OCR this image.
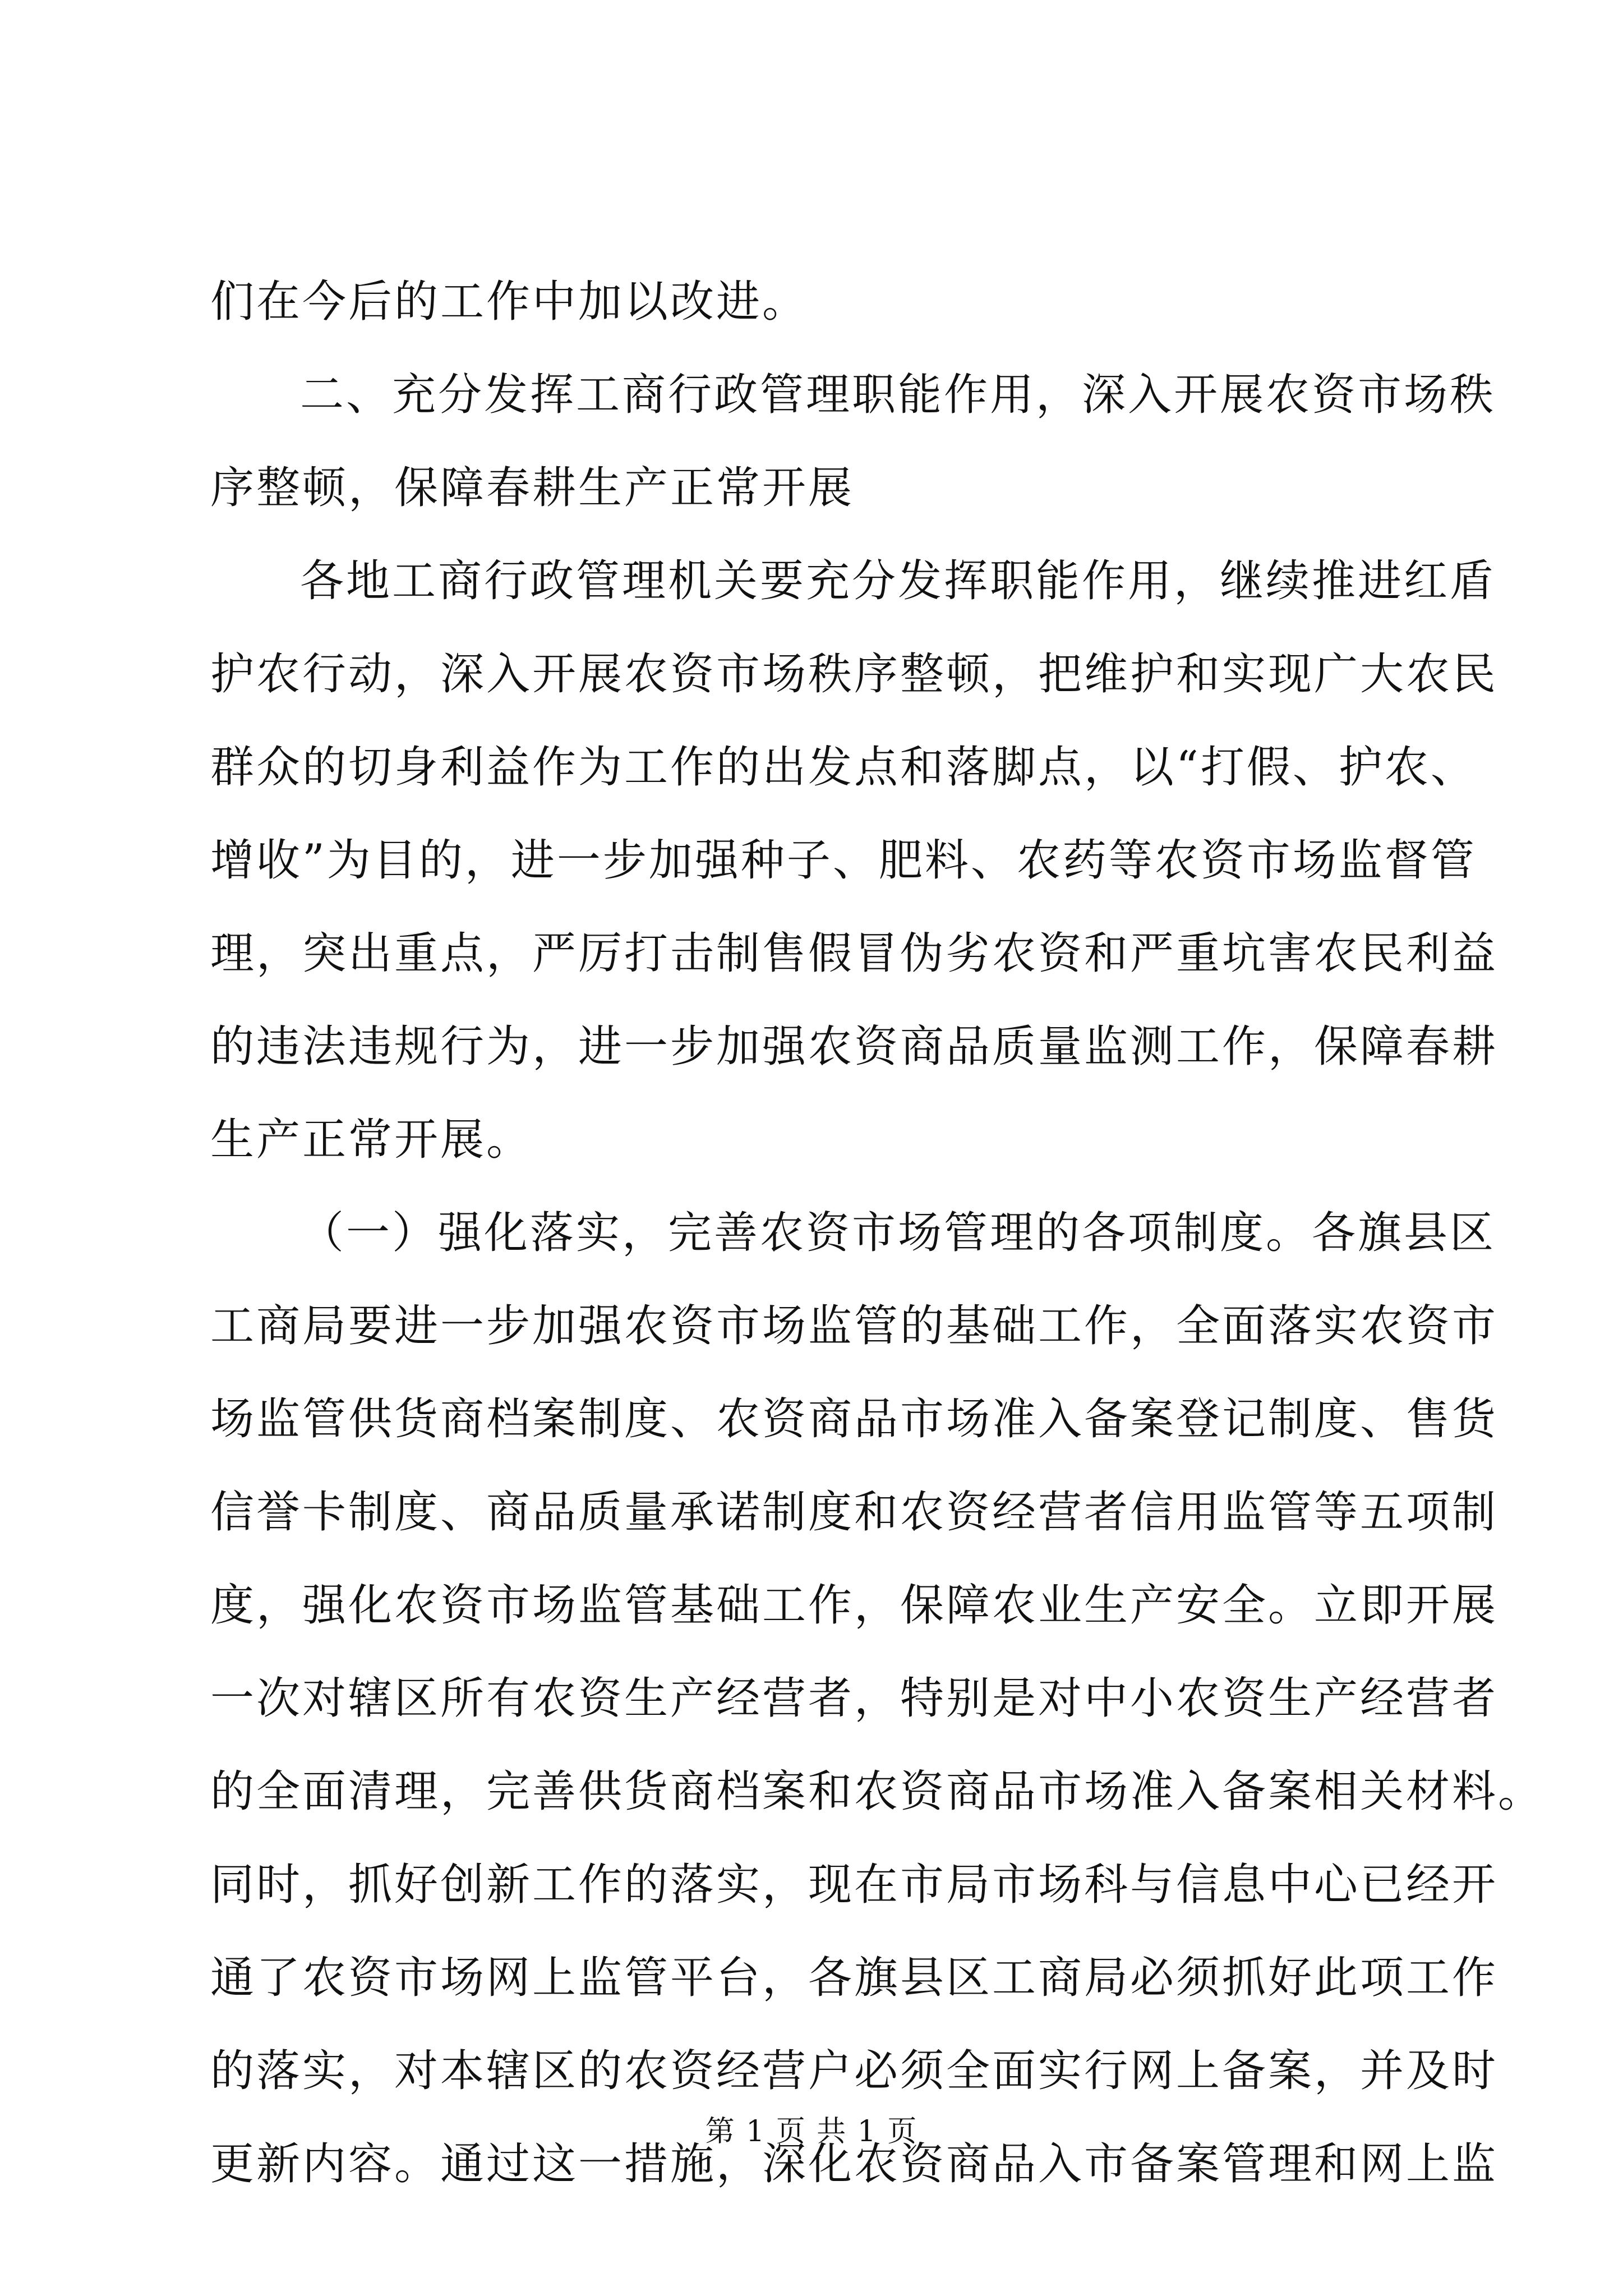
们在今后的工作中加以改进。
二、充分发挥工商行政管理职能作用，深入开展农资市场秩
序整顿，保障春耕生产正常开展
各地工商行政管理机关要充分发挥职能作用，继续推进红盾
护农行动，深入开展农资市场秩序整顿，把维护和实现广大农民
群众的切身利益作为工作的出发点和落脚点，以“打假、护农、
增收”为目的，进一步加强种子、肥料、农药等农资市场监督管
理，突出重点，严厉打击制售假冒伪劣农资和严重坑害农民利益
的违法违规行为，进一步加强农资商品质量监测工作，保障春耕
生产正常开展。
（一）强化落实，完善农资市场管理的各项制度。各旗县区
工商局要进一步加强农资市场监管的基础工作，全面落实农资市
场监管供货商档案制度、农资商品市场准入备案登记制度、售货
信誉卡制度、商品质量承诺制度和农资经营者信用监管等五项制
度，强化农资市场监管基础工作，保障农业生产安全。立即开展
一次对辖区所有农资生产经营者，特别是对中小农资生产经营者
的全面清理，完善供货商档案和农资商品市场准入备案相关材料。
同时，抓好创新工作的落实，现在市局市场科与信息中心已经开
通了农资市场网上监管平台，各旗县区工商局必须抓好此项工作
的落实，对本辖区的农资经营户必须全面实行网上备案，并及时
更新内容。通过这一措施，深化农资商品入市备案管理和网上监
第 1 页 共 1 页
